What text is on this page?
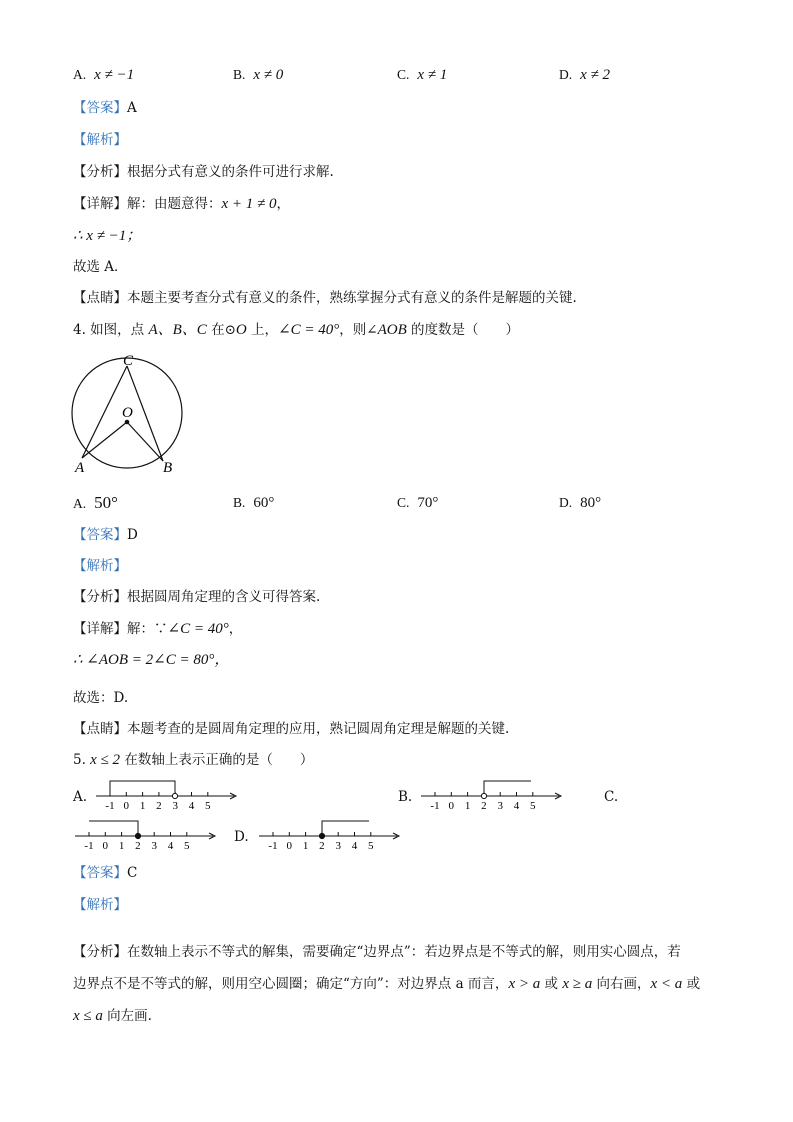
A. x ≠ −1	B. x ≠ 0	C. x ≠ 1	D. x ≠ 2
【答案】A
【解析】
【分析】根据分式有意义的条件可进行求解.
【详解】解：由题意得：x + 1 ≠ 0，
∴ x ≠ −1；
故选 A．
【点睛】本题主要考查分式有意义的条件，熟练掌握分式有意义的条件是解题的关键.
4. 如图，点 A、B、C 在⊙O 上，∠C = 40°，则∠AOB 的度数是（　　）
C
O
A	B
A. 50°	B. 60°	C. 70°	D. 80°
【答案】D
【解析】
【分析】根据圆周角定理的含义可得答案.
【详解】解：∵∠C = 40°，
∴ ∠AOB = 2∠C = 80°，
故选：D.
【点睛】本题考查的是圆周角定理的应用，熟记圆周角定理是解题的关键.
5. x ≤ 2 在数轴上表示正确的是（　　）
A.
-1 0 1 2 3 4 5
B.
-1 0 1 2 3 4 5
C.
-1 0 1 2 3 4 5
D.
-1 0 1 2 3 4 5
【答案】C
【解析】
【分析】在数轴上表示不等式的解集，需要确定“边界点”：若边界点是不等式的解，则用实心圆点，若
边界点不是不等式的解，则用空心圆圈；确定“方向”：对边界点 a 而言，x > a 或 x ≥ a 向右画，x < a 或
x ≤ a 向左画.
